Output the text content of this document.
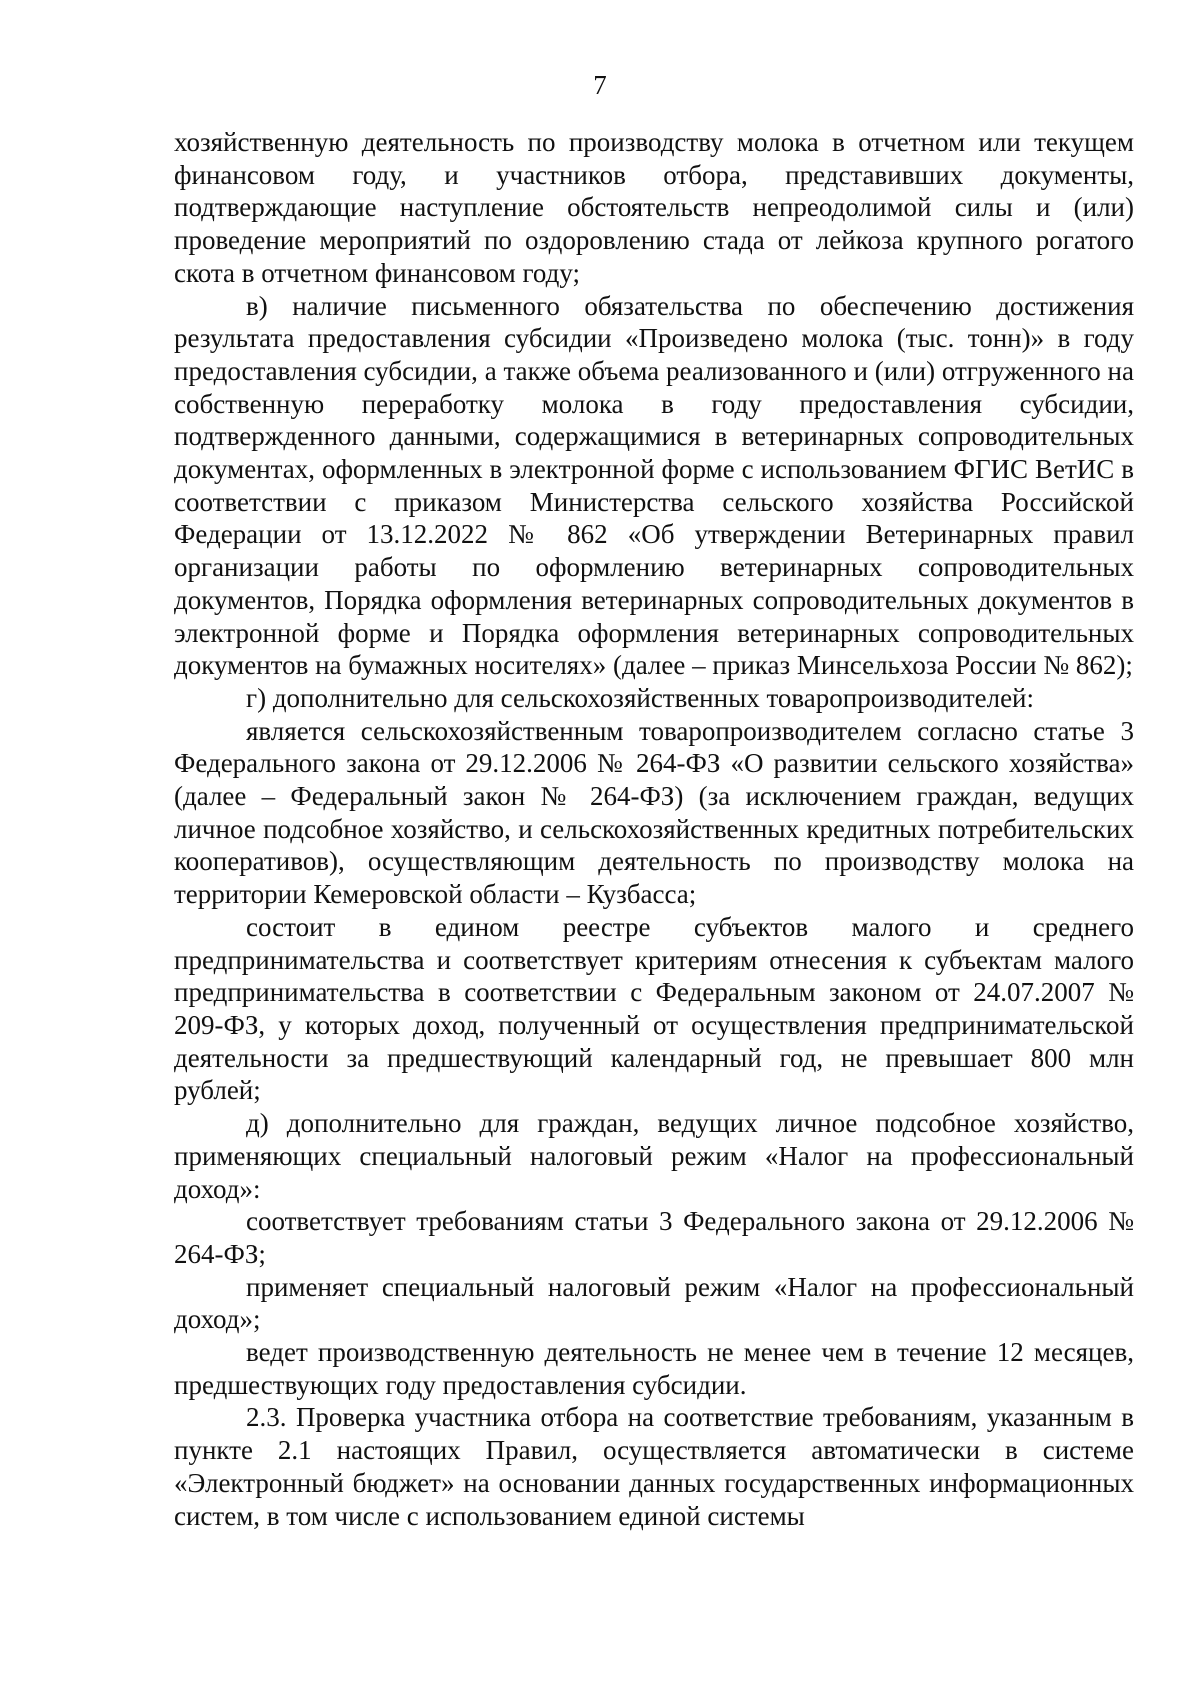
7

хозяйственную деятельность по производству молока в отчетном или текущем финансовом году, и участников отбора, представивших документы, подтверждающие наступление обстоятельств непреодолимой силы и (или) проведение мероприятий по оздоровлению стада от лейкоза крупного рогатого скота в отчетном финансовом году;

в) наличие письменного обязательства по обеспечению достижения результата предоставления субсидии «Произведено молока (тыс. тонн)» в году предоставления субсидии, а также объема реализованного и (или) отгруженного на собственную переработку молока в году предоставления субсидии, подтвержденного данными, содержащимися в ветеринарных сопроводительных документах, оформленных в электронной форме с использованием ФГИС ВетИС в соответствии с приказом Министерства сельского хозяйства Российской Федерации от 13.12.2022 № 862 «Об утверждении Ветеринарных правил организации работы по оформлению ветеринарных сопроводительных документов, Порядка оформления ветеринарных сопроводительных документов в электронной форме и Порядка оформления ветеринарных сопроводительных документов на бумажных носителях» (далее – приказ Минсельхоза России № 862);

г) дополнительно для сельскохозяйственных товаропроизводителей:

является сельскохозяйственным товаропроизводителем согласно статье 3 Федерального закона от 29.12.2006 № 264-ФЗ «О развитии сельского хозяйства» (далее – Федеральный закон № 264-ФЗ) (за исключением граждан, ведущих личное подсобное хозяйство, и сельскохозяйственных кредитных потребительских кооперативов), осуществляющим деятельность по производству молока на территории Кемеровской области – Кузбасса;

состоит в едином реестре субъектов малого и среднего предпринимательства и соответствует критериям отнесения к субъектам малого предпринимательства в соответствии с Федеральным законом от 24.07.2007 № 209-ФЗ, у которых доход, полученный от осуществления предпринимательской деятельности за предшествующий календарный год, не превышает 800 млн рублей;

д) дополнительно для граждан, ведущих личное подсобное хозяйство, применяющих специальный налоговый режим «Налог на профессиональный доход»:

соответствует требованиям статьи 3 Федерального закона от 29.12.2006 № 264-ФЗ;

применяет специальный налоговый режим «Налог на профессиональный доход»;

ведет производственную деятельность не менее чем в течение 12 месяцев, предшествующих году предоставления субсидии.

2.3. Проверка участника отбора на соответствие требованиям, указанным в пункте 2.1 настоящих Правил, осуществляется автоматически в системе «Электронный бюджет» на основании данных государственных информационных систем, в том числе с использованием единой системы
